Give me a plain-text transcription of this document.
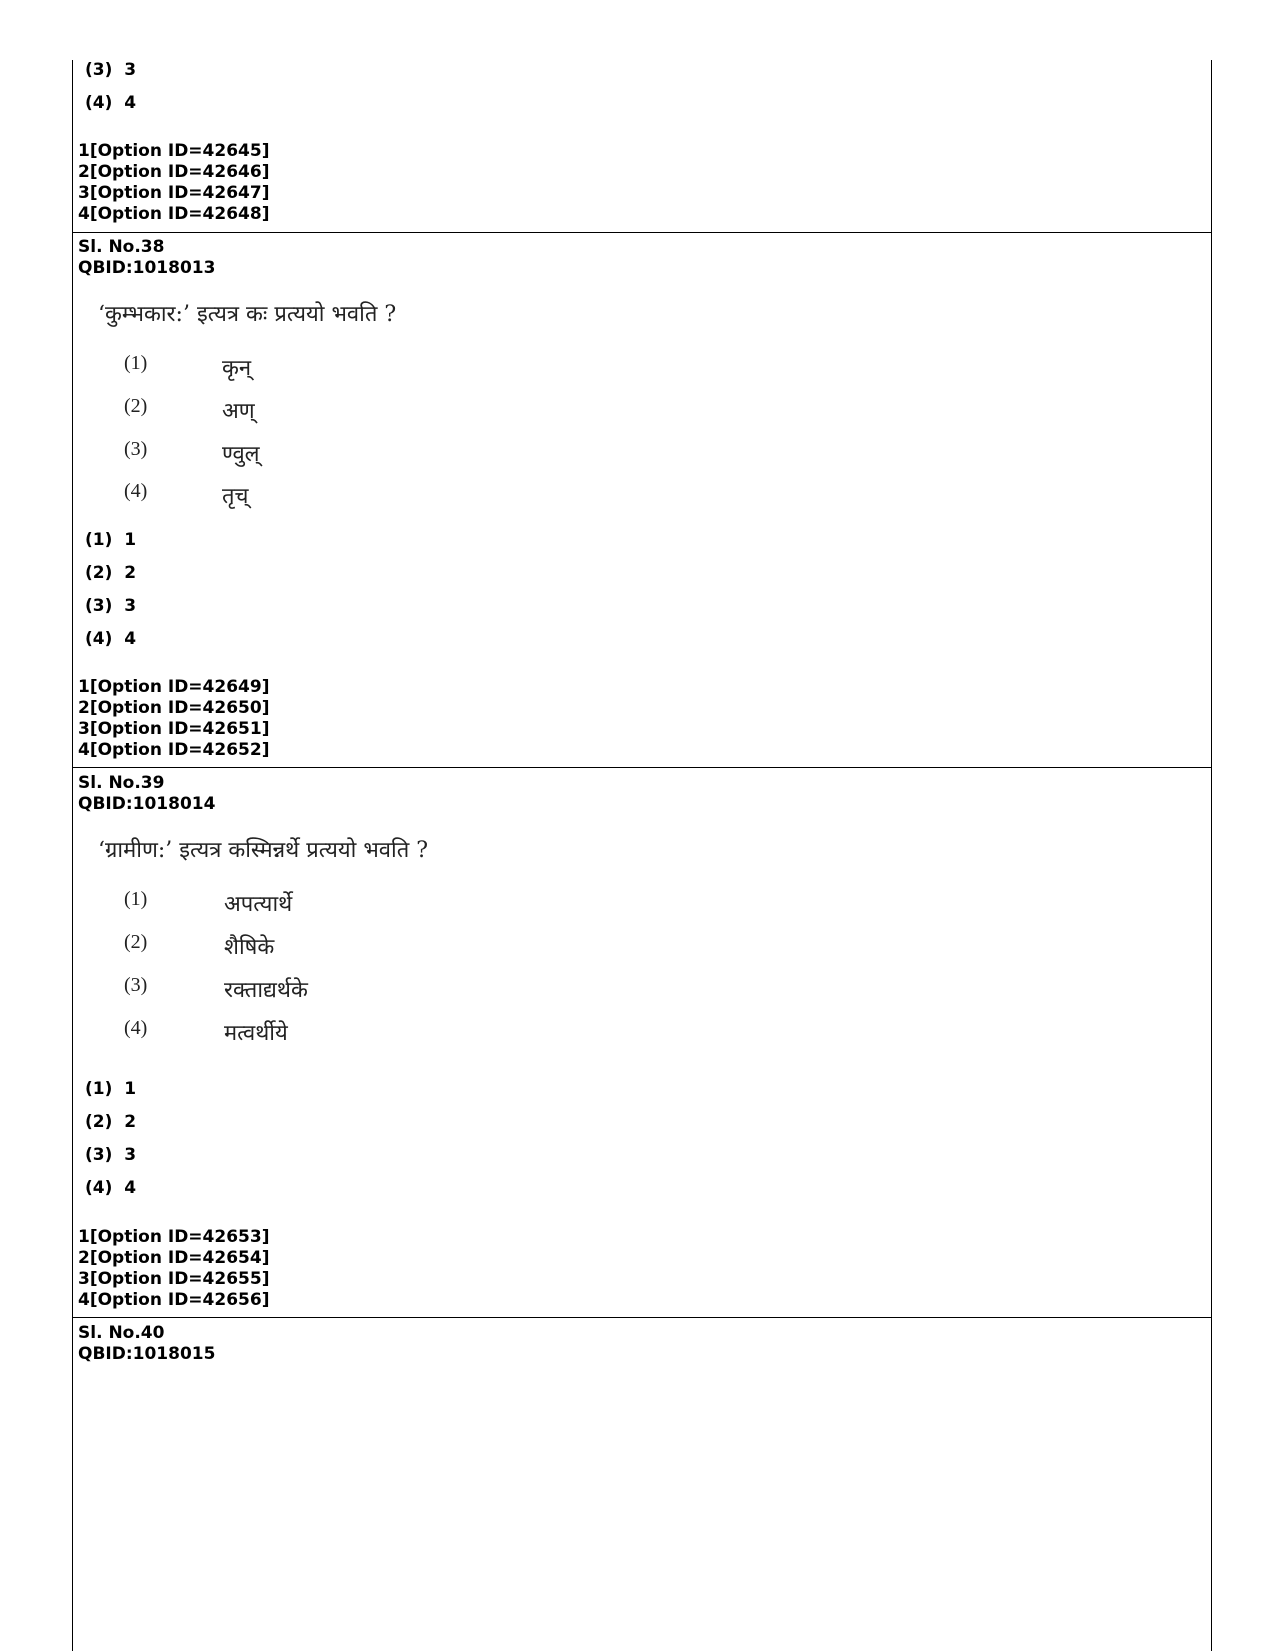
(3) 3
(4) 4
1[Option ID=42645]
2[Option ID=42646]
3[Option ID=42647]
4[Option ID=42648]
Sl. No.38
QBID:1018013
‘कुम्भकार:’ इत्यत्र कः प्रत्ययो भवति ?
(1)	कृन्
(2)	अण्
(3)	ण्वुल्
(4)	तृच्
(1) 1
(2) 2
(3) 3
(4) 4
1[Option ID=42649]
2[Option ID=42650]
3[Option ID=42651]
4[Option ID=42652]
Sl. No.39
QBID:1018014
‘ग्रामीण:’ इत्यत्र कस्मिन्नर्थे प्रत्ययो भवति ?
(1)	अपत्यार्थे
(2)	शैषिके
(3)	रक्ताद्यर्थके
(4)	मत्वर्थीये
(1) 1
(2) 2
(3) 3
(4) 4
1[Option ID=42653]
2[Option ID=42654]
3[Option ID=42655]
4[Option ID=42656]
Sl. No.40
QBID:1018015
